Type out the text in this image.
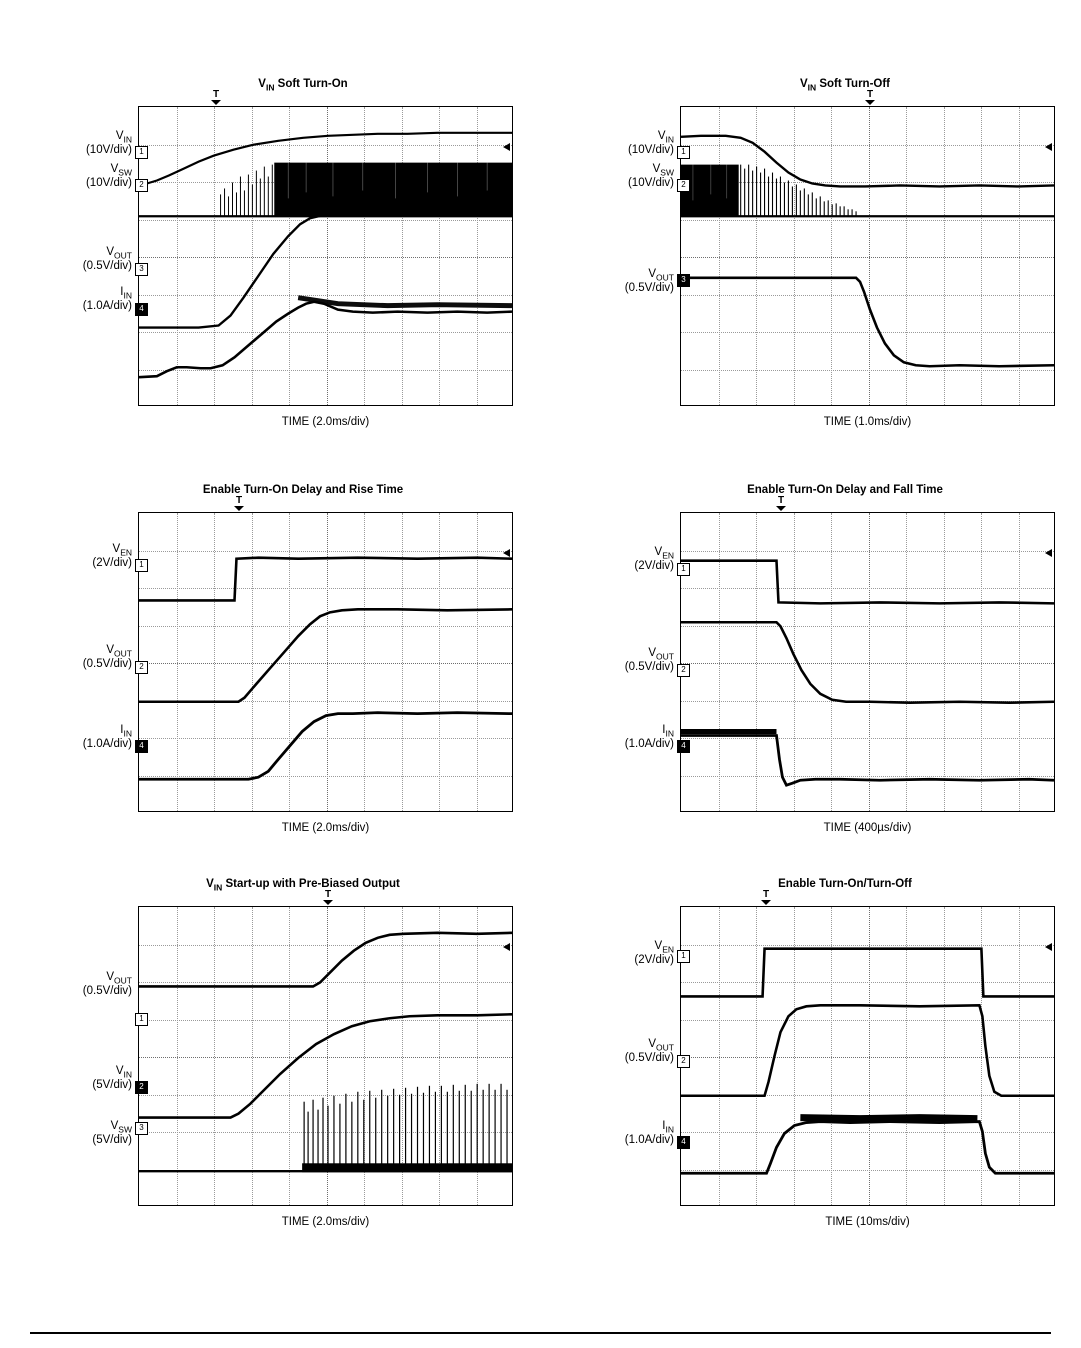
$V_{IN}$ Soft Turn-On
T
$V_{IN}$
(10V/div) 1
$V_{SW}$
(10V/div) 2
$V_{OUT}$
(0.5V/div) 3
$I_{IN}$
(1.0A/div) 4
TIME (2.0ms/div)
$V_{IN}$ Soft Turn-Off
T
$V_{IN}$
(10V/div) 1
$V_{SW}$
(10V/div) 2
$V_{OUT}$
(0.5V/div)
3
TIME (1.0ms/div)
Enable Turn-On Delay and Rise Time
T
$V_{EN}$
(2V/div) 1
$V_{OUT}$
(0.5V/div) 2
$I_{IN}$
(1.0A/div) 4
TIME (2.0ms/div)
Enable Turn-On Delay and Fall Time
T
$V_{EN}$
(2V/div) 1
$V_{OUT}$
(0.5V/div) 2
$I_{IN}$
(1.0A/div) 4
TIME (400µs/div)
$V_{IN}$ Start-up with Pre-Biased Output
T
$V_{OUT}$
(0.5V/div)
1
$V_{IN}$
(5V/div) 2
$V_{SW}$
(5V/div)
3
TIME (2.0ms/div)
Enable Turn-On/Turn-Off
T
$V_{EN}$
(2V/div) 1
$V_{OUT}$
(0.5V/div) 2
$I_{IN}$
(1.0A/div) 4
TIME (10ms/div)
